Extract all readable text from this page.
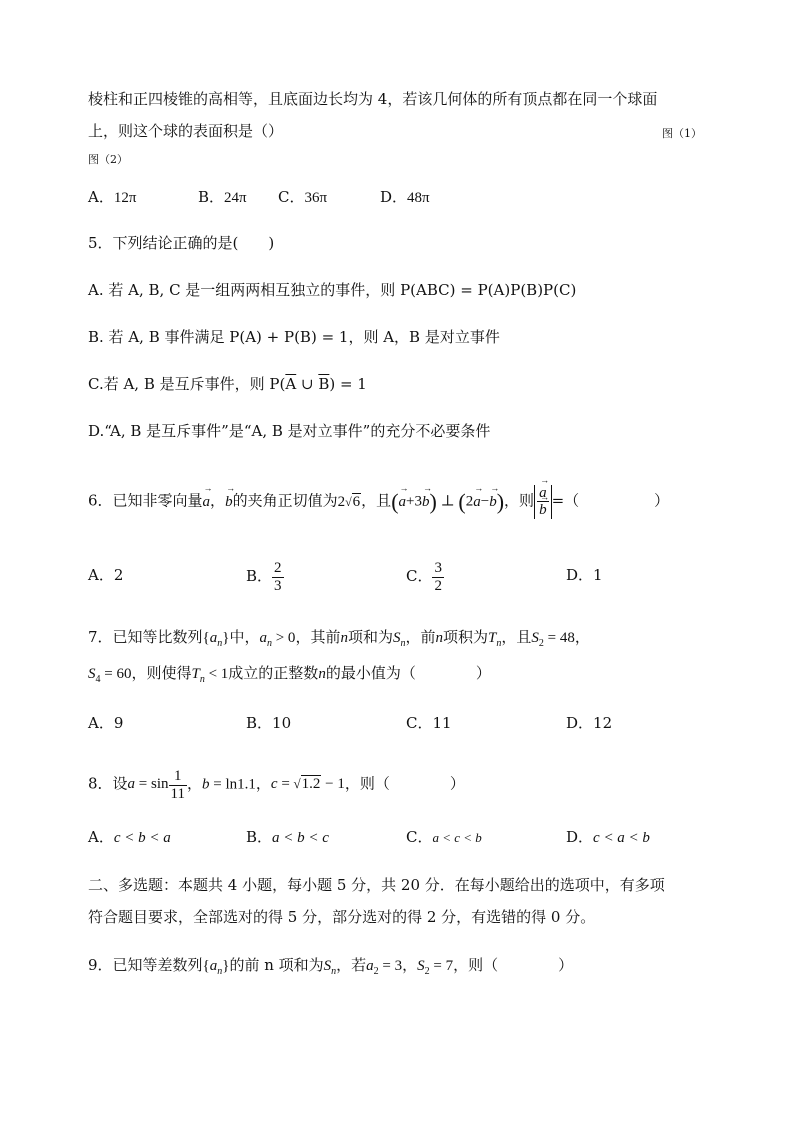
棱柱和正四棱锥的高相等，且底面边长均为 4，若该几何体的所有顶点都在同一个球面
上，则这个球的表面积是（）	图（1）
图（2）
A．12π	B．24π C．36π	D．48π
5．下列结论正确的是(　　)
A. 若 A, B, C 是一组两两相互独立的事件，则 P(ABC) = P(A)P(B)P(C)
B. 若 A, B 事件满足 P(A) + P(B) = 1，则 A，B 是对立事件
C.若 A, B 是互斥事件，则 $P(\overline{A}$ ∪ $\overline{B}) = 1$
D.“A, B 是互斥事件”是“A, B 是对立事件”的充分不必要条件
6．已知非零向量→ a，→ b的夹角正切值为2√6，且(→ a+3→ b) ⊥ (2→ a−→ b)，则 → a
→ b =（　　　　　）
A．2	B． $\frac{2}{3}$	C． $\frac{3}{2}$	D．1
7．已知等比数列$\{a_n\}$中，$a_n > 0$，其前n项和为$S_n$，前n项积为$T_n$，且$S_2 = 48$，
$S_4 = 60$，则使得$T_n < 1$成立的正整数n的最小值为（　　　　）
A．9	B．10	C．11	D．12
8．设$a = \sin \frac{1}{11}$ ，b = ln1.1，c = √1.2 − 1，则（　　　　）
A．c < b < a	B．a < b < c	C．a < c < b	D．c < a < b
二、多选题：本题共 4 小题，每小题 5 分，共 20 分．在每小题给出的选项中，有多项
符合题目要求，全部选对的得 5 分，部分选对的得 2 分，有选错的得 0 分。
9．已知等差数列$\{a_n\}$的前 n 项和为$S_n$，若$a_2 = 3$，$S_2 = 7$，则（　　　　）
